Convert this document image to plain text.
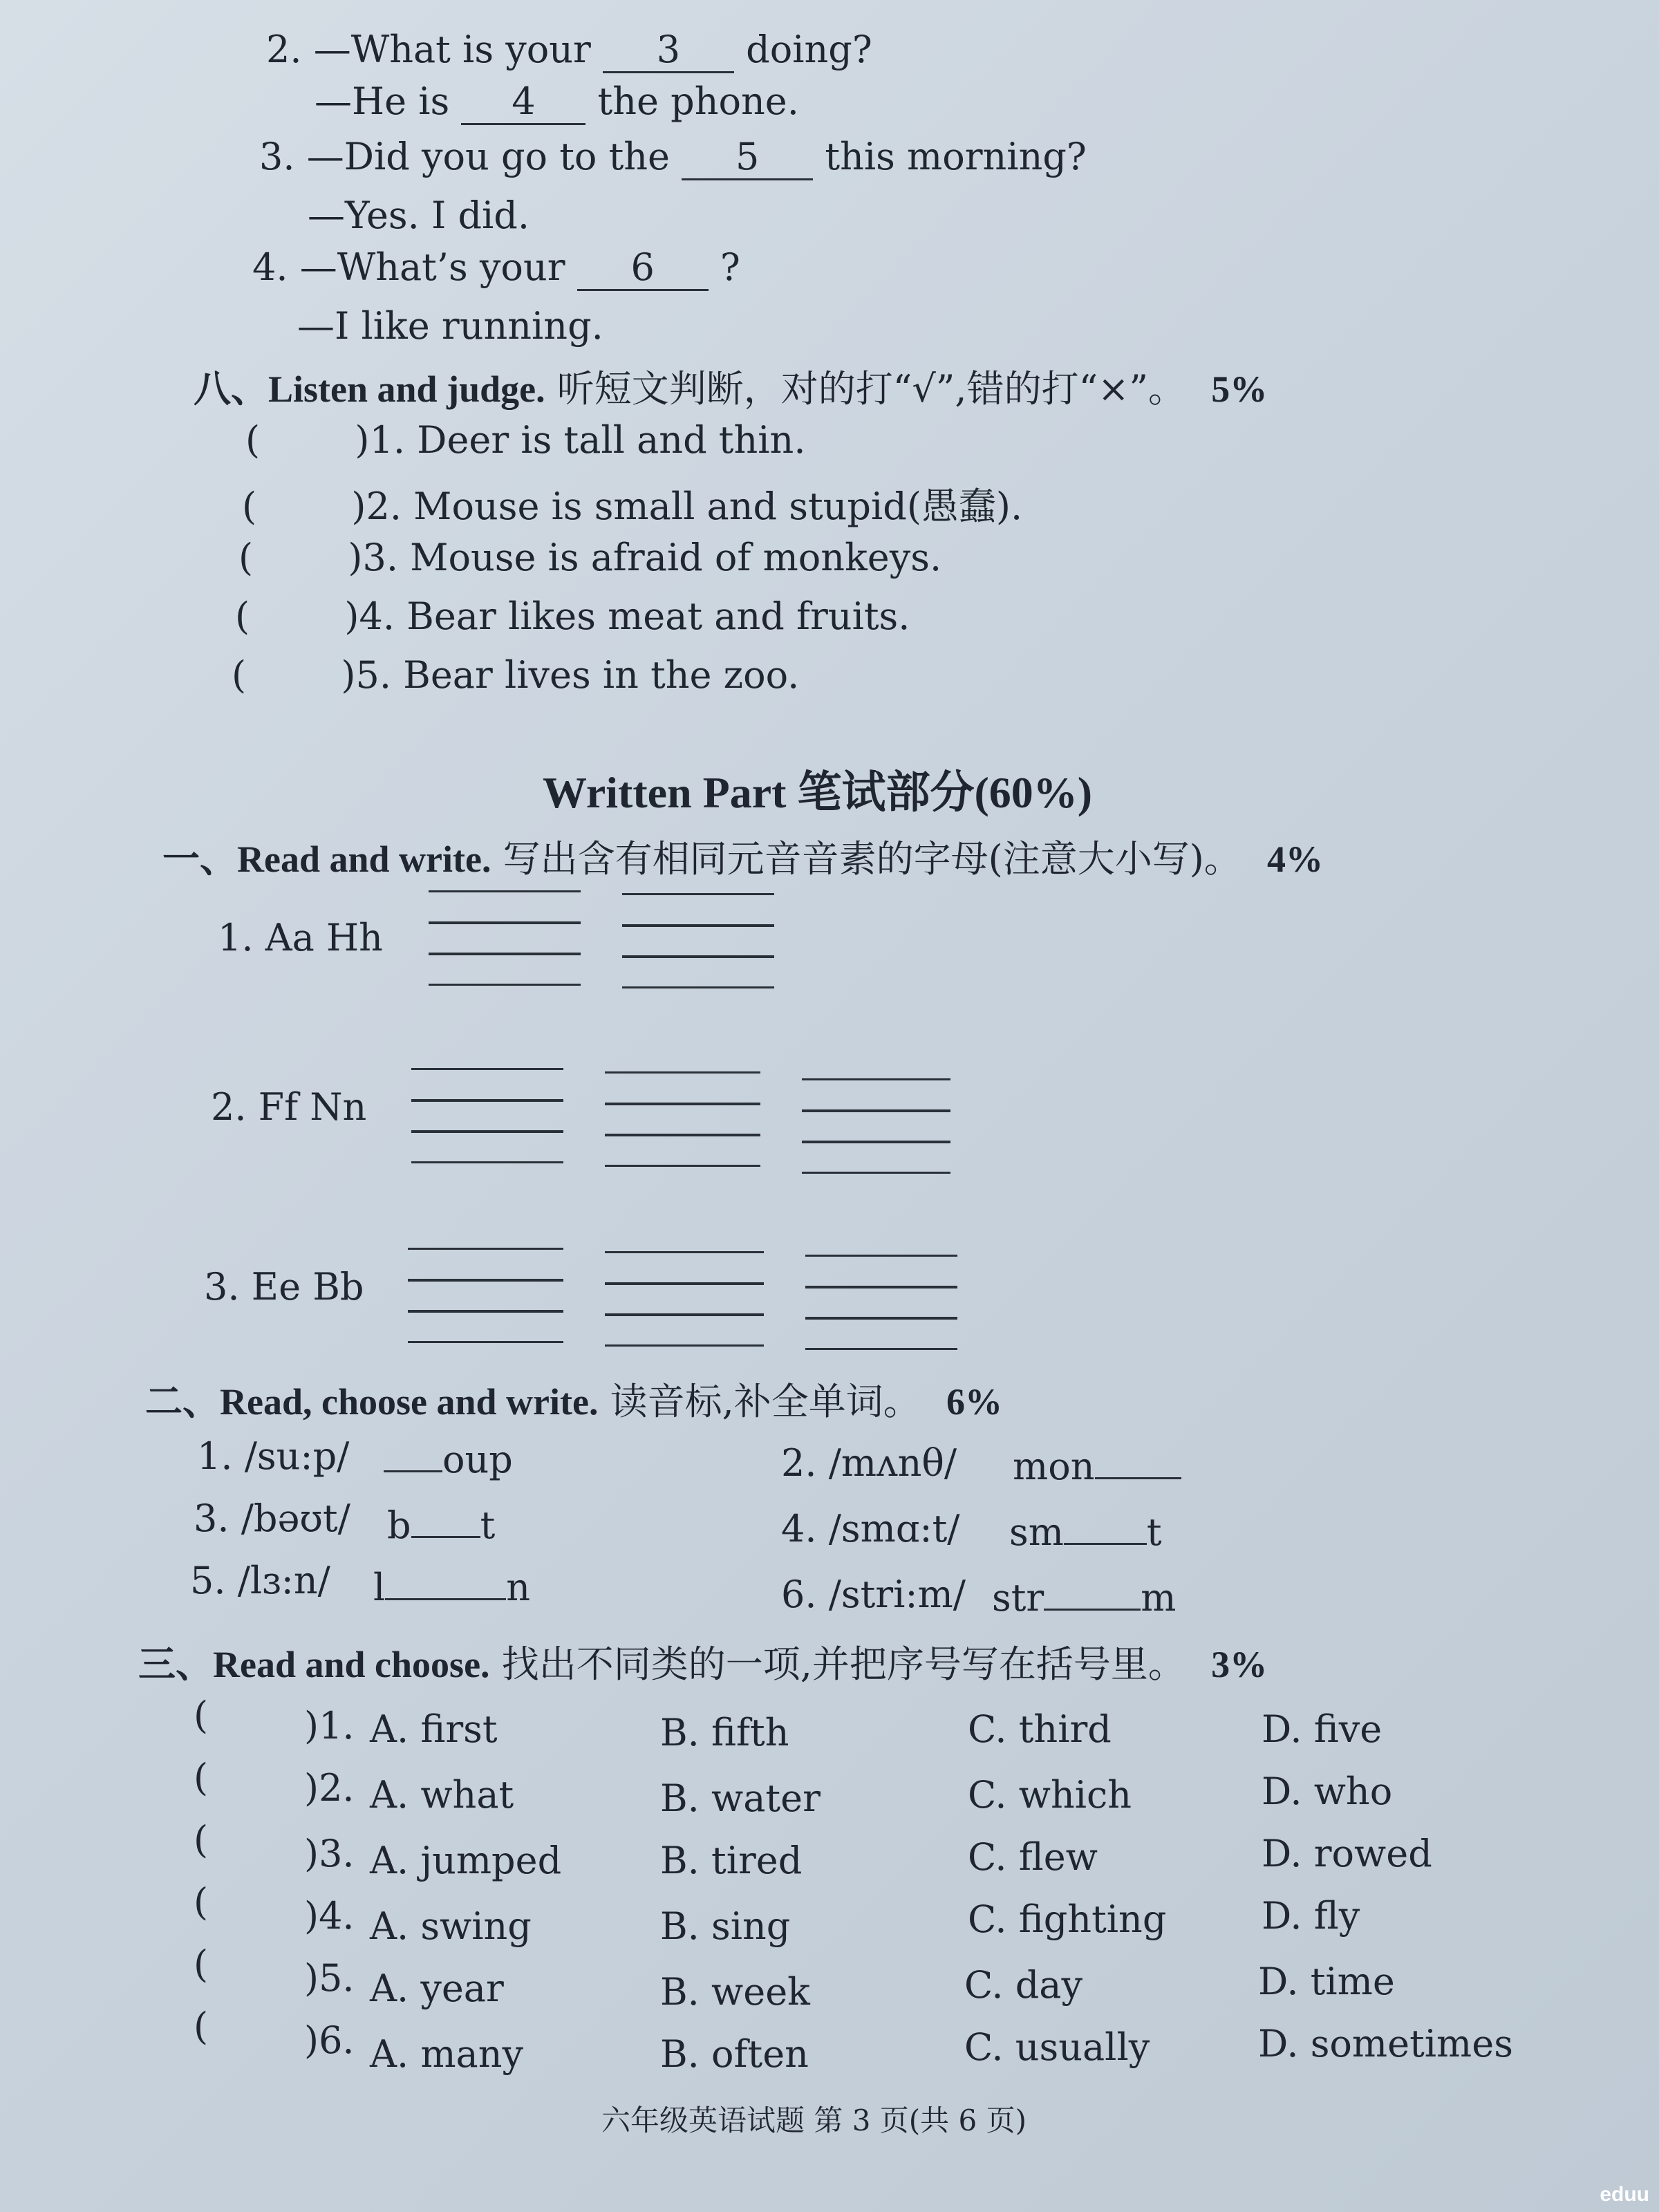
2. —What is your 3 doing?
—He is 4 the phone.
3. —Did you go to the 5 this morning?
—Yes. I did.
4. —What’s your 6 ?
—I like running.
八、Listen and judge. 听短文判断，对的打“√”,错的打“×”。 5%
(        )1. Deer is tall and thin.
(        )2. Mouse is small and stupid(愚蠢).
(        )3. Mouse is afraid of monkeys.
(        )4. Bear likes meat and fruits.
(        )5. Bear lives in the zoo.
Written Part 笔试部分(60%)
一、Read and write. 写出含有相同元音音素的字母(注意大小写)。 4%
1. Aa Hh
2. Ff Nn
3. Ee Bb
二、Read, choose and write. 读音标,补全单词。 6%
1. /su:p/	oup	2. /mʌnθ/ mon
3. /bəʊt/ b t	4. /smɑ:t/ sm t
5. /lɜ:n/ l	n	6. /stri:m/ str	m
三、Read and choose. 找出不同类的一项,并把序号写在括号里。 3%
(	)1. A. first	B. fifth	C. third	D. five
(	)2. A. what	B. water	C. which	D. who
(	)3. A. jumped	B. tired	C. flew	D. rowed
(	)4. A. swing	B. sing	C. fighting	D. fly
(	)5. A. year	B. week	C. day	D. time
(	)6. A. many	B. often	C. usually	D. sometimes
六年级英语试题 第 3 页(共 6 页)
eduu
